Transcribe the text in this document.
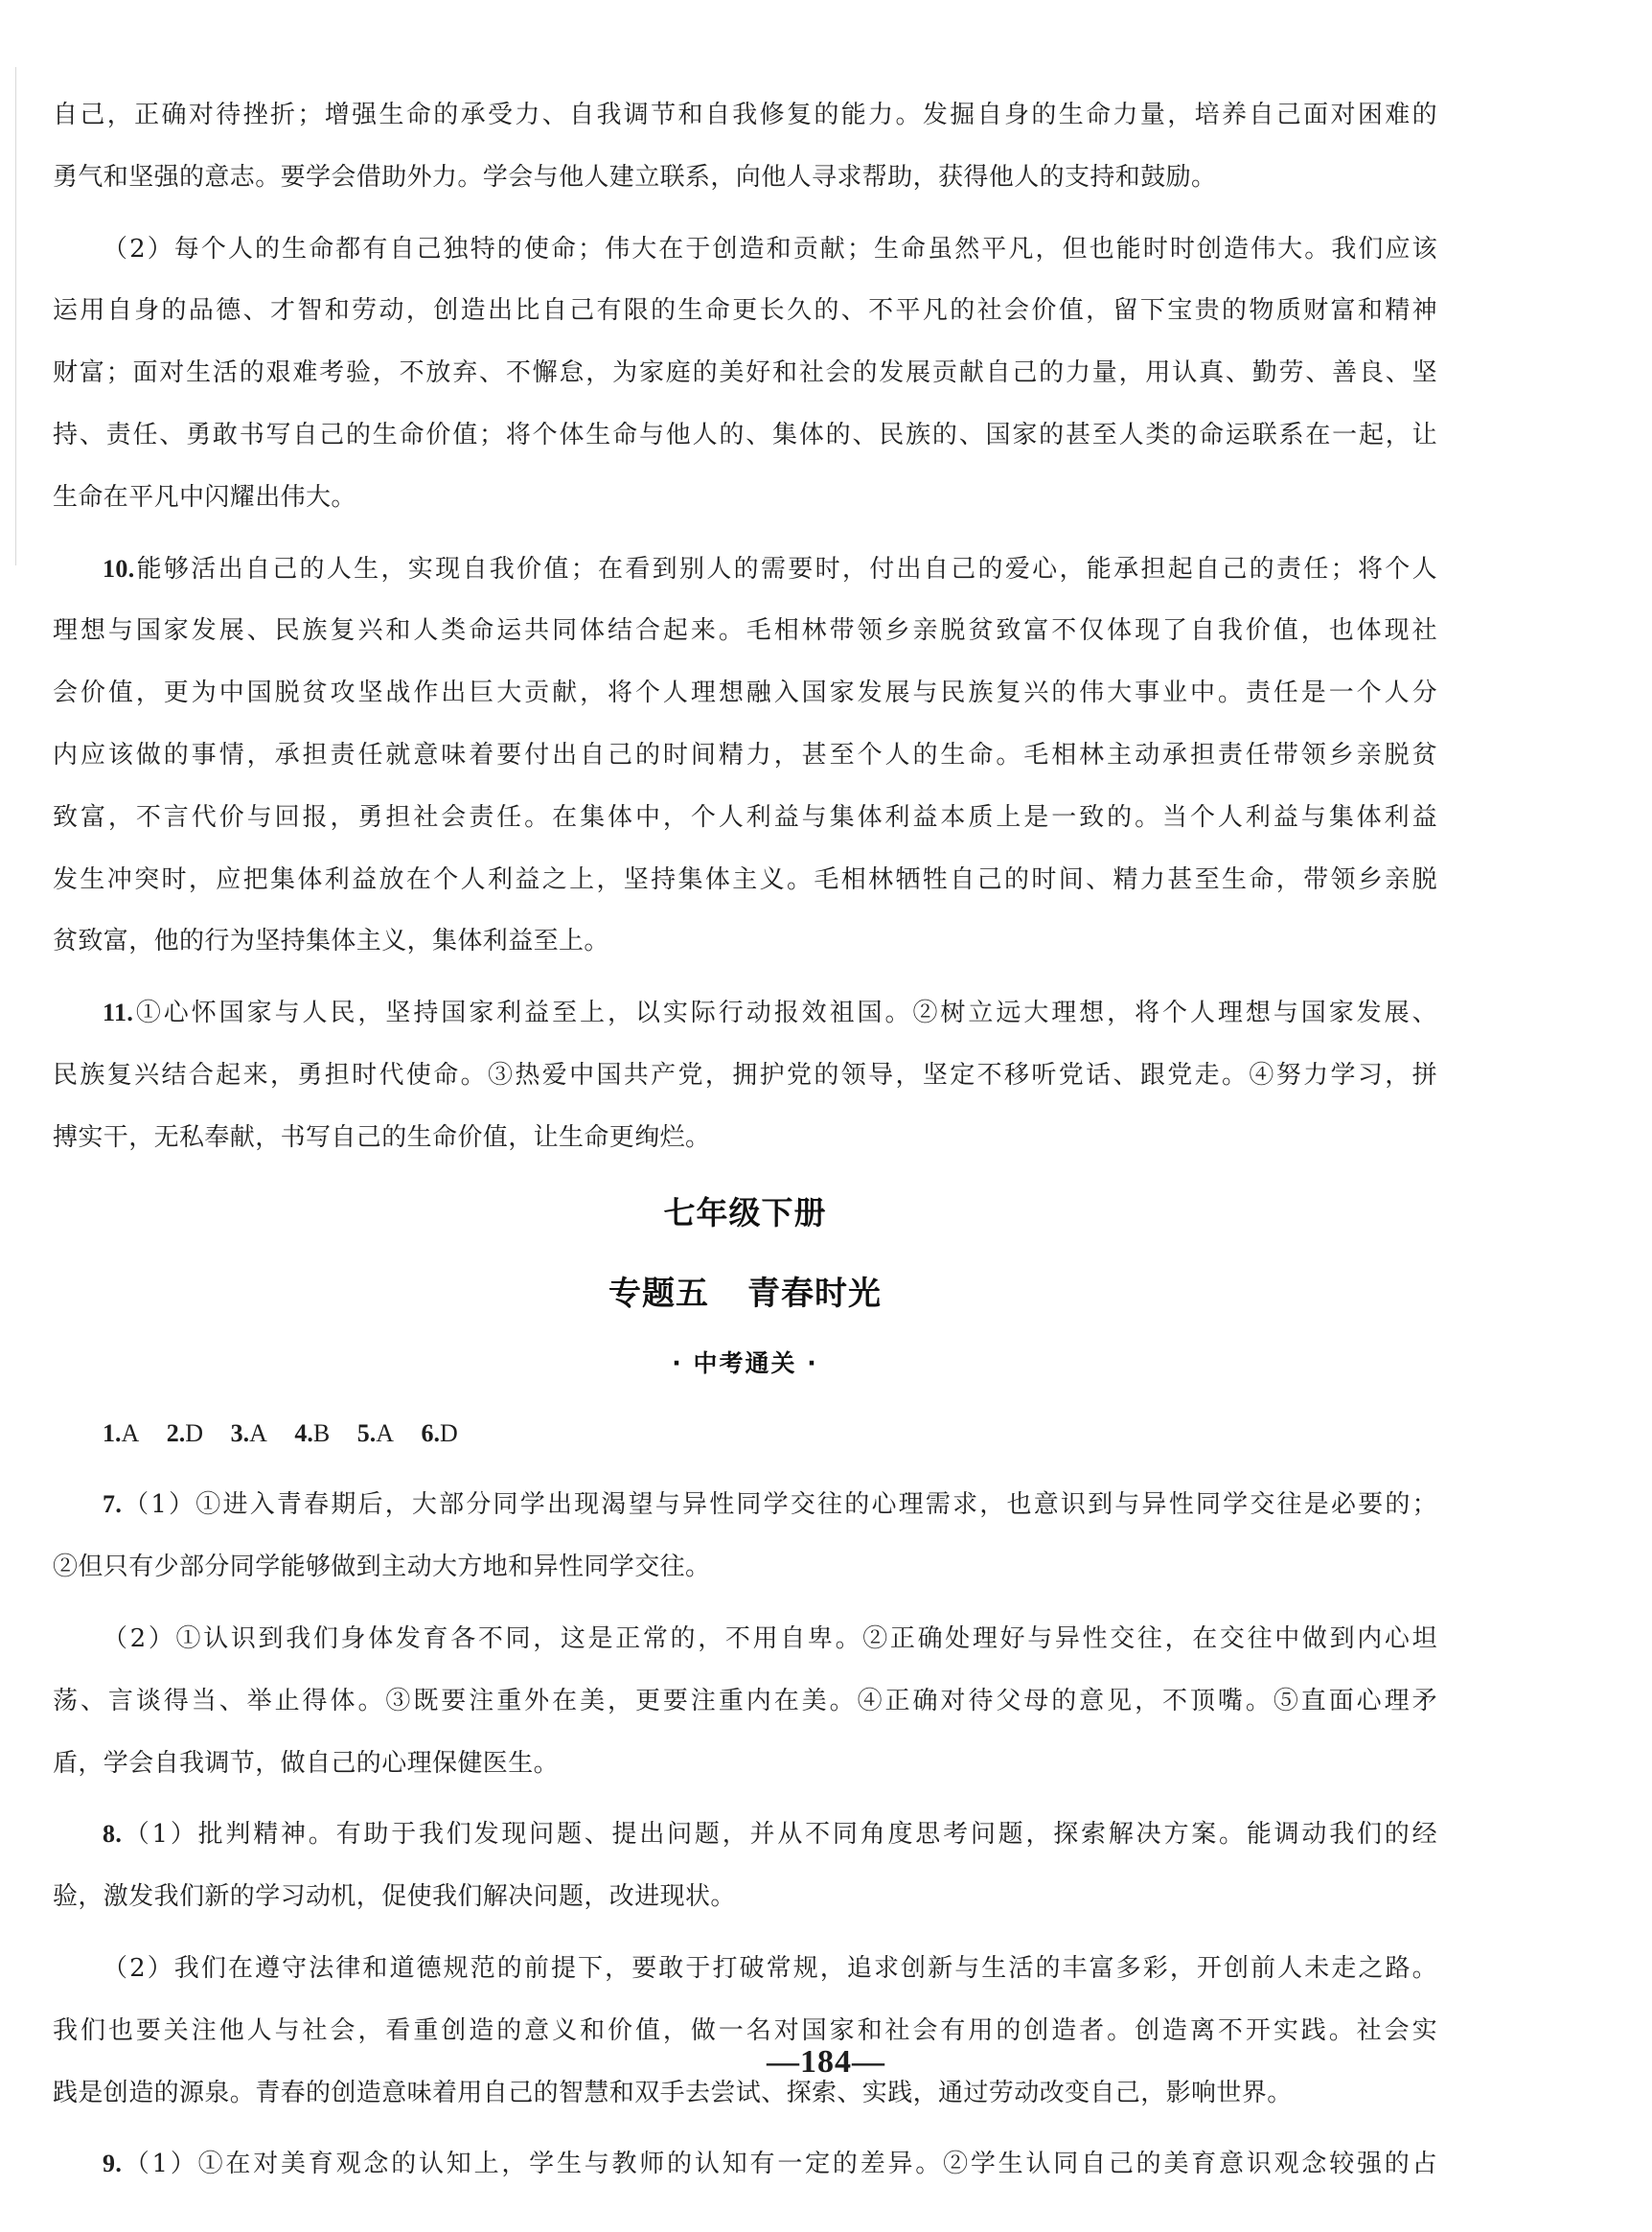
自己，正确对待挫折；增强生命的承受力、自我调节和自我修复的能力。发掘自身的生命力量，培养自己面对困难的
勇气和坚强的意志。要学会借助外力。学会与他人建立联系，向他人寻求帮助，获得他人的支持和鼓励。
（2）每个人的生命都有自己独特的使命；伟大在于创造和贡献；生命虽然平凡，但也能时时创造伟大。我们应该
运用自身的品德、才智和劳动，创造出比自己有限的生命更长久的、不平凡的社会价值，留下宝贵的物质财富和精神
财富；面对生活的艰难考验，不放弃、不懈怠，为家庭的美好和社会的发展贡献自己的力量，用认真、勤劳、善良、坚
持、责任、勇敢书写自己的生命价值；将个体生命与他人的、集体的、民族的、国家的甚至人类的命运联系在一起，让
生命在平凡中闪耀出伟大。
10.能够活出自己的人生，实现自我价值；在看到别人的需要时，付出自己的爱心，能承担起自己的责任；将个人
理想与国家发展、民族复兴和人类命运共同体结合起来。毛相林带领乡亲脱贫致富不仅体现了自我价值，也体现社
会价值，更为中国脱贫攻坚战作出巨大贡献，将个人理想融入国家发展与民族复兴的伟大事业中。责任是一个人分
内应该做的事情，承担责任就意味着要付出自己的时间精力，甚至个人的生命。毛相林主动承担责任带领乡亲脱贫
致富，不言代价与回报，勇担社会责任。在集体中，个人利益与集体利益本质上是一致的。当个人利益与集体利益
发生冲突时，应把集体利益放在个人利益之上，坚持集体主义。毛相林牺牲自己的时间、精力甚至生命，带领乡亲脱
贫致富，他的行为坚持集体主义，集体利益至上。
11.①心怀国家与人民，坚持国家利益至上，以实际行动报效祖国。②树立远大理想，将个人理想与国家发展、
民族复兴结合起来，勇担时代使命。③热爱中国共产党，拥护党的领导，坚定不移听党话、跟党走。④努力学习，拼
搏实干，无私奉献，书写自己的生命价值，让生命更绚烂。
七年级下册
专题五 青春时光
· 中考通关 ·
1.A 2.D 3.A 4.B 5.A 6.D
7.（1）①进入青春期后，大部分同学出现渴望与异性同学交往的心理需求，也意识到与异性同学交往是必要的；
②但只有少部分同学能够做到主动大方地和异性同学交往。
（2）①认识到我们身体发育各不同，这是正常的，不用自卑。②正确处理好与异性交往，在交往中做到内心坦
荡、言谈得当、举止得体。③既要注重外在美，更要注重内在美。④正确对待父母的意见，不顶嘴。⑤直面心理矛
盾，学会自我调节，做自己的心理保健医生。
8.（1）批判精神。有助于我们发现问题、提出问题，并从不同角度思考问题，探索解决方案。能调动我们的经
验，激发我们新的学习动机，促使我们解决问题，改进现状。
（2）我们在遵守法律和道德规范的前提下，要敢于打破常规，追求创新与生活的丰富多彩，开创前人未走之路。
我们也要关注他人与社会，看重创造的意义和价值，做一名对国家和社会有用的创造者。创造离不开实践。社会实
践是创造的源泉。青春的创造意味着用自己的智慧和双手去尝试、探索、实践，通过劳动改变自己，影响世界。
9.（1）①在对美育观念的认知上，学生与教师的认知有一定的差异。②学生认同自己的美育意识观念较强的占
—184—
